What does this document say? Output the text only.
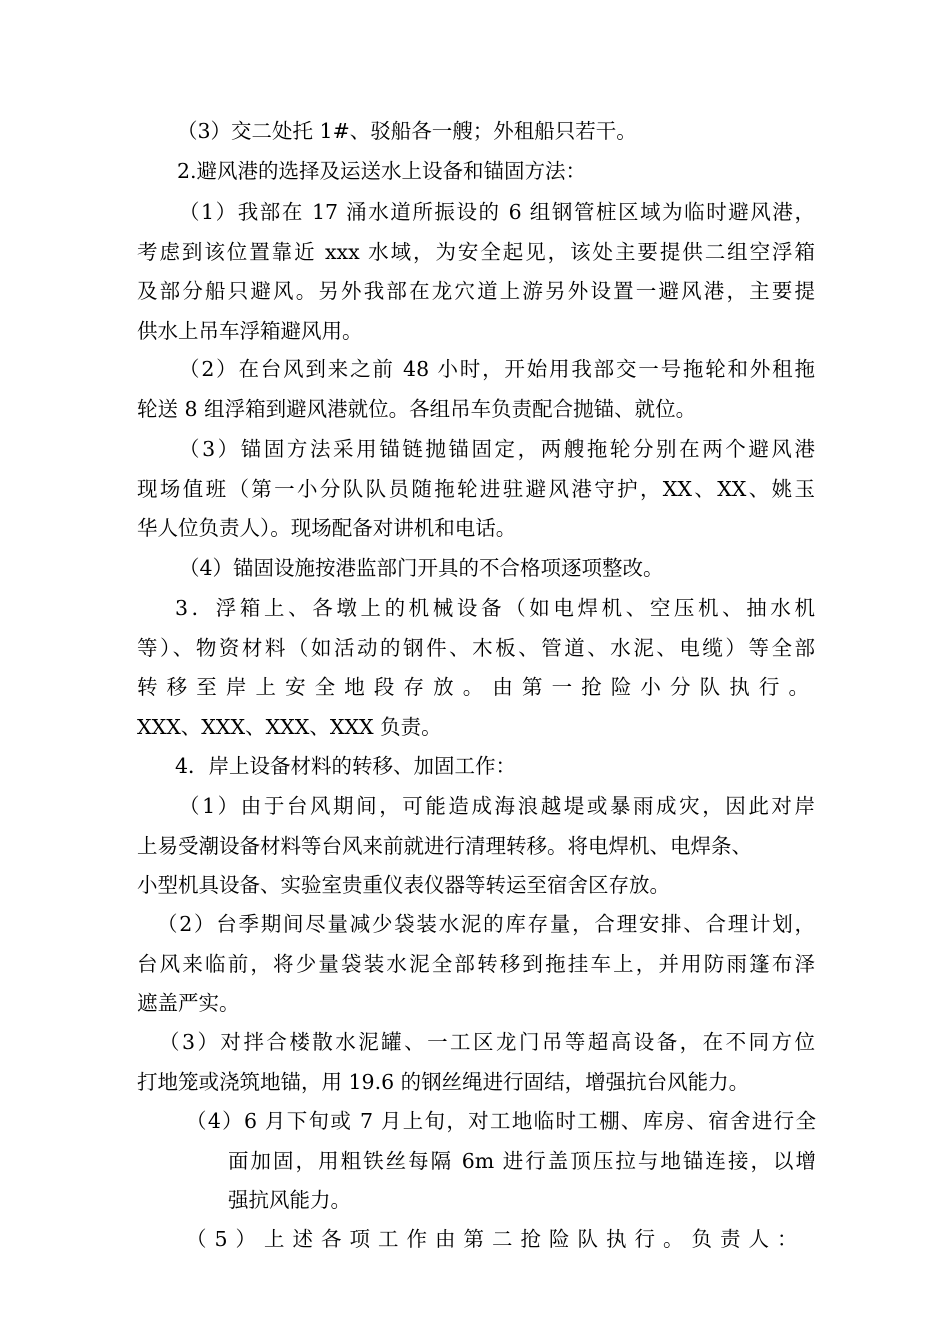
（3）交二处托 1#、驳船各一艘；外租船只若干。

2.避风港的选择及运送水上设备和锚固方法：

（1）我部在 17 涌水道所振设的 6 组钢管桩区域为临时避风港，
考虑到该位置靠近 xxx 水域，为安全起见，该处主要提供二组空浮箱
及部分船只避风。另外我部在龙穴道上游另外设置一避风港，主要提
供水上吊车浮箱避风用。

（2）在台风到来之前 48 小时，开始用我部交一号拖轮和外租拖
轮送 8 组浮箱到避风港就位。各组吊车负责配合抛锚、就位。

（3）锚固方法采用锚链抛锚固定，两艘拖轮分别在两个避风港
现场值班（第一小分队队员随拖轮进驻避风港守护，XX、XX、姚玉
华人位负责人）。现场配备对讲机和电话。

（4）锚固设施按港监部门开具的不合格项逐项整改。

3．浮箱上、各墩上的机械设备（如电焊机、空压机、抽水机
等）、物资材料（如活动的钢件、木板、管道、水泥、电缆）等全部
转移至岸上安全地段存放。由第一抢险小分队执行。
XXX、XXX、XXX、XXX 负责。

4．岸上设备材料的转移、加固工作：

（1）由于台风期间，可能造成海浪越堤或暴雨成灾，因此对岸
上易受潮设备材料等台风来前就进行清理转移。将电焊机、电焊条、
小型机具设备、实验室贵重仪表仪器等转运至宿舍区存放。

（2）台季期间尽量减少袋装水泥的库存量，合理安排、合理计划，
台风来临前，将少量袋装水泥全部转移到拖挂车上，并用防雨篷布泽
遮盖严实。

（3）对拌合楼散水泥罐、一工区龙门吊等超高设备，在不同方位
打地笼或浇筑地锚，用 19.6 的钢丝绳进行固结，增强抗台风能力。

（4）6 月下旬或 7 月上旬，对工地临时工棚、库房、宿舍进行全
面加固，用粗铁丝每隔 6m 进行盖顶压拉与地锚连接，以增
强抗风能力。

（5）上述各项工作由第二抢险队执行。负责人：
